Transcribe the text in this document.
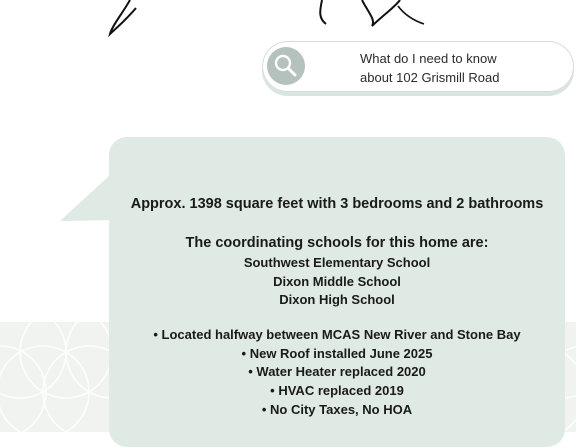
What do I need to know
about 102 Grismill Road
Approx. 1398 square feet with 3 bedrooms and 2 bathrooms
The coordinating schools for this home are:
Southwest Elementary School
Dixon Middle School
Dixon High School
• Located halfway between MCAS New River and Stone Bay
• New Roof installed June 2025
• Water Heater replaced 2020
• HVAC replaced 2019
• No City Taxes, No HOA
